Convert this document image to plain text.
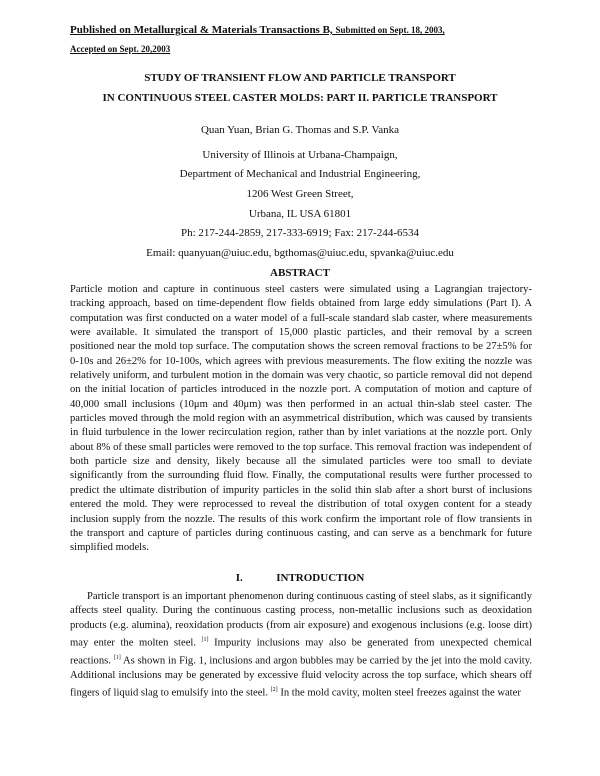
Published on Metallurgical & Materials Transactions B, Submitted on Sept. 18, 2003,
Accepted on Sept. 20,2003
STUDY OF TRANSIENT FLOW AND PARTICLE TRANSPORT
IN CONTINUOUS STEEL CASTER MOLDS: PART II. PARTICLE TRANSPORT
Quan Yuan, Brian G. Thomas and S.P. Vanka
University of Illinois at Urbana-Champaign,
Department of Mechanical and Industrial Engineering,
1206 West Green Street,
Urbana, IL USA 61801
Ph: 217-244-2859, 217-333-6919; Fax: 217-244-6534
Email: quanyuan@uiuc.edu, bgthomas@uiuc.edu, spvanka@uiuc.edu
ABSTRACT
Particle motion and capture in continuous steel casters were simulated using a Lagrangian trajectory-tracking approach, based on time-dependent flow fields obtained from large eddy simulations (Part I). A computation was first conducted on a water model of a full-scale standard slab caster, where measurements were available. It simulated the transport of 15,000 plastic particles, and their removal by a screen positioned near the mold top surface. The computation shows the screen removal fractions to be 27±5% for 0-10s and 26±2% for 10-100s, which agrees with previous measurements. The flow exiting the nozzle was relatively uniform, and turbulent motion in the domain was very chaotic, so particle removal did not depend on the initial location of particles introduced in the nozzle port. A computation of motion and capture of 40,000 small inclusions (10μm and 40μm) was then performed in an actual thin-slab steel caster. The particles moved through the mold region with an asymmetrical distribution, which was caused by transients in fluid turbulence in the lower recirculation region, rather than by inlet variations at the nozzle port. Only about 8% of these small particles were removed to the top surface. This removal fraction was independent of both particle size and density, likely because all the simulated particles were too small to deviate significantly from the surrounding fluid flow. Finally, the computational results were further processed to predict the ultimate distribution of impurity particles in the solid thin slab after a short burst of inclusions entered the mold. They were reprocessed to reveal the distribution of total oxygen content for a steady inclusion supply from the nozzle. The results of this work confirm the important role of flow transients in the transport and capture of particles during continuous casting, and can serve as a benchmark for future simplified models.
I.	INTRODUCTION
Particle transport is an important phenomenon during continuous casting of steel slabs, as it significantly affects steel quality. During the continuous casting process, non-metallic inclusions such as deoxidation products (e.g. alumina), reoxidation products (from air exposure) and exogenous inclusions (e.g. loose dirt) may enter the molten steel. [1] Impurity inclusions may also be generated from unexpected chemical reactions. [1] As shown in Fig. 1, inclusions and argon bubbles may be carried by the jet into the mold cavity. Additional inclusions may be generated by excessive fluid velocity across the top surface, which shears off fingers of liquid slag to emulsify into the steel. [2] In the mold cavity, molten steel freezes against the water
